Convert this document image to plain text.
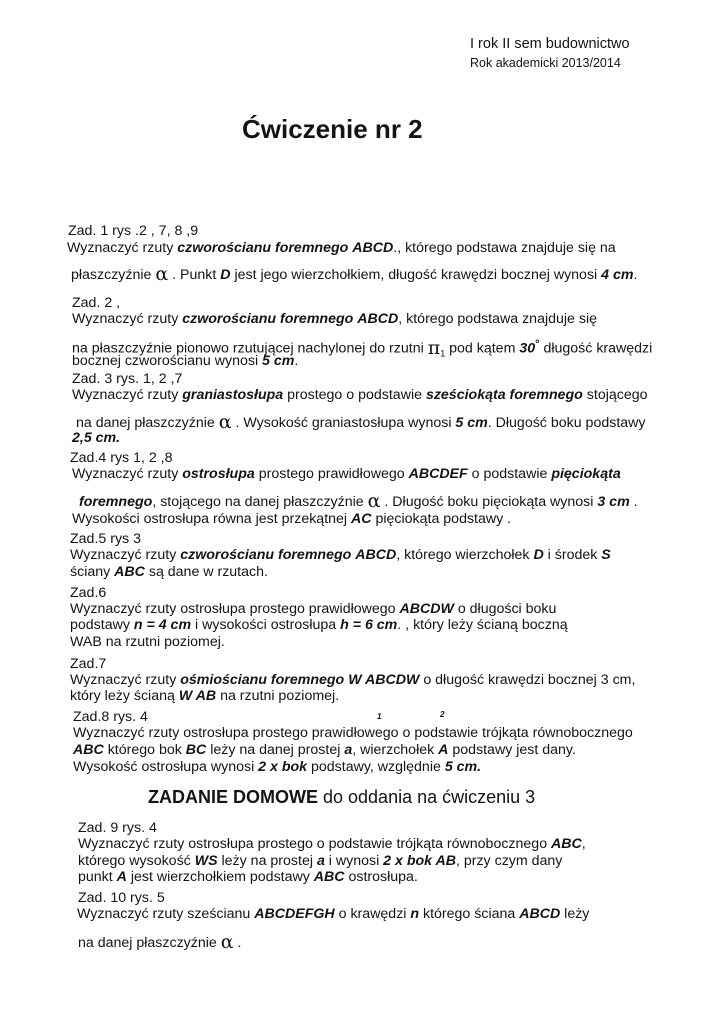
I rok II sem budownictwo
Rok akademicki 2013/2014
Ćwiczenie nr 2
Zad. 1 rys .2 , 7, 8 ,9
Wyznaczyć rzuty czworościanu foremnego ABCD., którego podstawa znajduje się na
płaszczyźnie α . Punkt D jest jego wierzchołkiem, długość krawędzi bocznej wynosi 4 cm.
Zad. 2 ,
Wyznaczyć rzuty czworościanu foremnego ABCD, którego podstawa znajduje się
na płaszczyźnie pionowo rzutującej nachylonej do rzutni $\pi_1$ pod kątem 30° długość krawędzi
bocznej czworościanu wynosi 5 cm.
Zad. 3 rys. 1, 2 ,7
Wyznaczyć rzuty graniastosłupa prostego o podstawie sześciokąta foremnego stojącego
na danej płaszczyźnie α . Wysokość graniastosłupa wynosi 5 cm. Długość boku podstawy
2,5 cm.
Zad.4 rys 1, 2 ,8
Wyznaczyć rzuty ostrosłupa prostego prawidłowego ABCDEF o podstawie pięciokąta
foremnego, stojącego na danej płaszczyźnie α . Długość boku pięciokąta wynosi 3 cm .
Wysokości ostrosłupa równa jest przekątnej AC pięciokąta podstawy .
Zad.5 rys 3
Wyznaczyć rzuty czworościanu foremnego ABCD, którego wierzchołek D i środek S
ściany ABC są dane w rzutach.
Zad.6
Wyznaczyć rzuty ostrosłupa prostego prawidłowego ABCDW o długości boku
podstawy n = 4 cm i wysokości ostrosłupa h = 6 cm. , który leży ścianą boczną
WAB na rzutni poziomej.
Zad.7
Wyznaczyć rzuty ośmiościanu foremnego W ABCDW o długość krawędzi bocznej 3 cm,
który leży ścianą W AB na rzutni poziomej.
Zad.8 rys. 4	1	2
Wyznaczyć rzuty ostrosłupa prostego prawidłowego o podstawie trójkąta równobocznego
ABC którego bok BC leży na danej prostej a, wierzchołek A podstawy jest dany.
Wysokość ostrosłupa wynosi 2 x bok podstawy, względnie 5 cm.
ZADANIE DOMOWE do oddania na ćwiczeniu 3
Zad. 9 rys. 4
Wyznaczyć rzuty ostrosłupa prostego o podstawie trójkąta równobocznego ABC,
którego wysokość WS leży na prostej a i wynosi 2 x bok AB, przy czym dany
punkt A jest wierzchołkiem podstawy ABC ostrosłupa.
Zad. 10 rys. 5
Wyznaczyć rzuty sześcianu ABCDEFGH o krawędzi n którego ściana ABCD leży
na danej płaszczyźnie α .
